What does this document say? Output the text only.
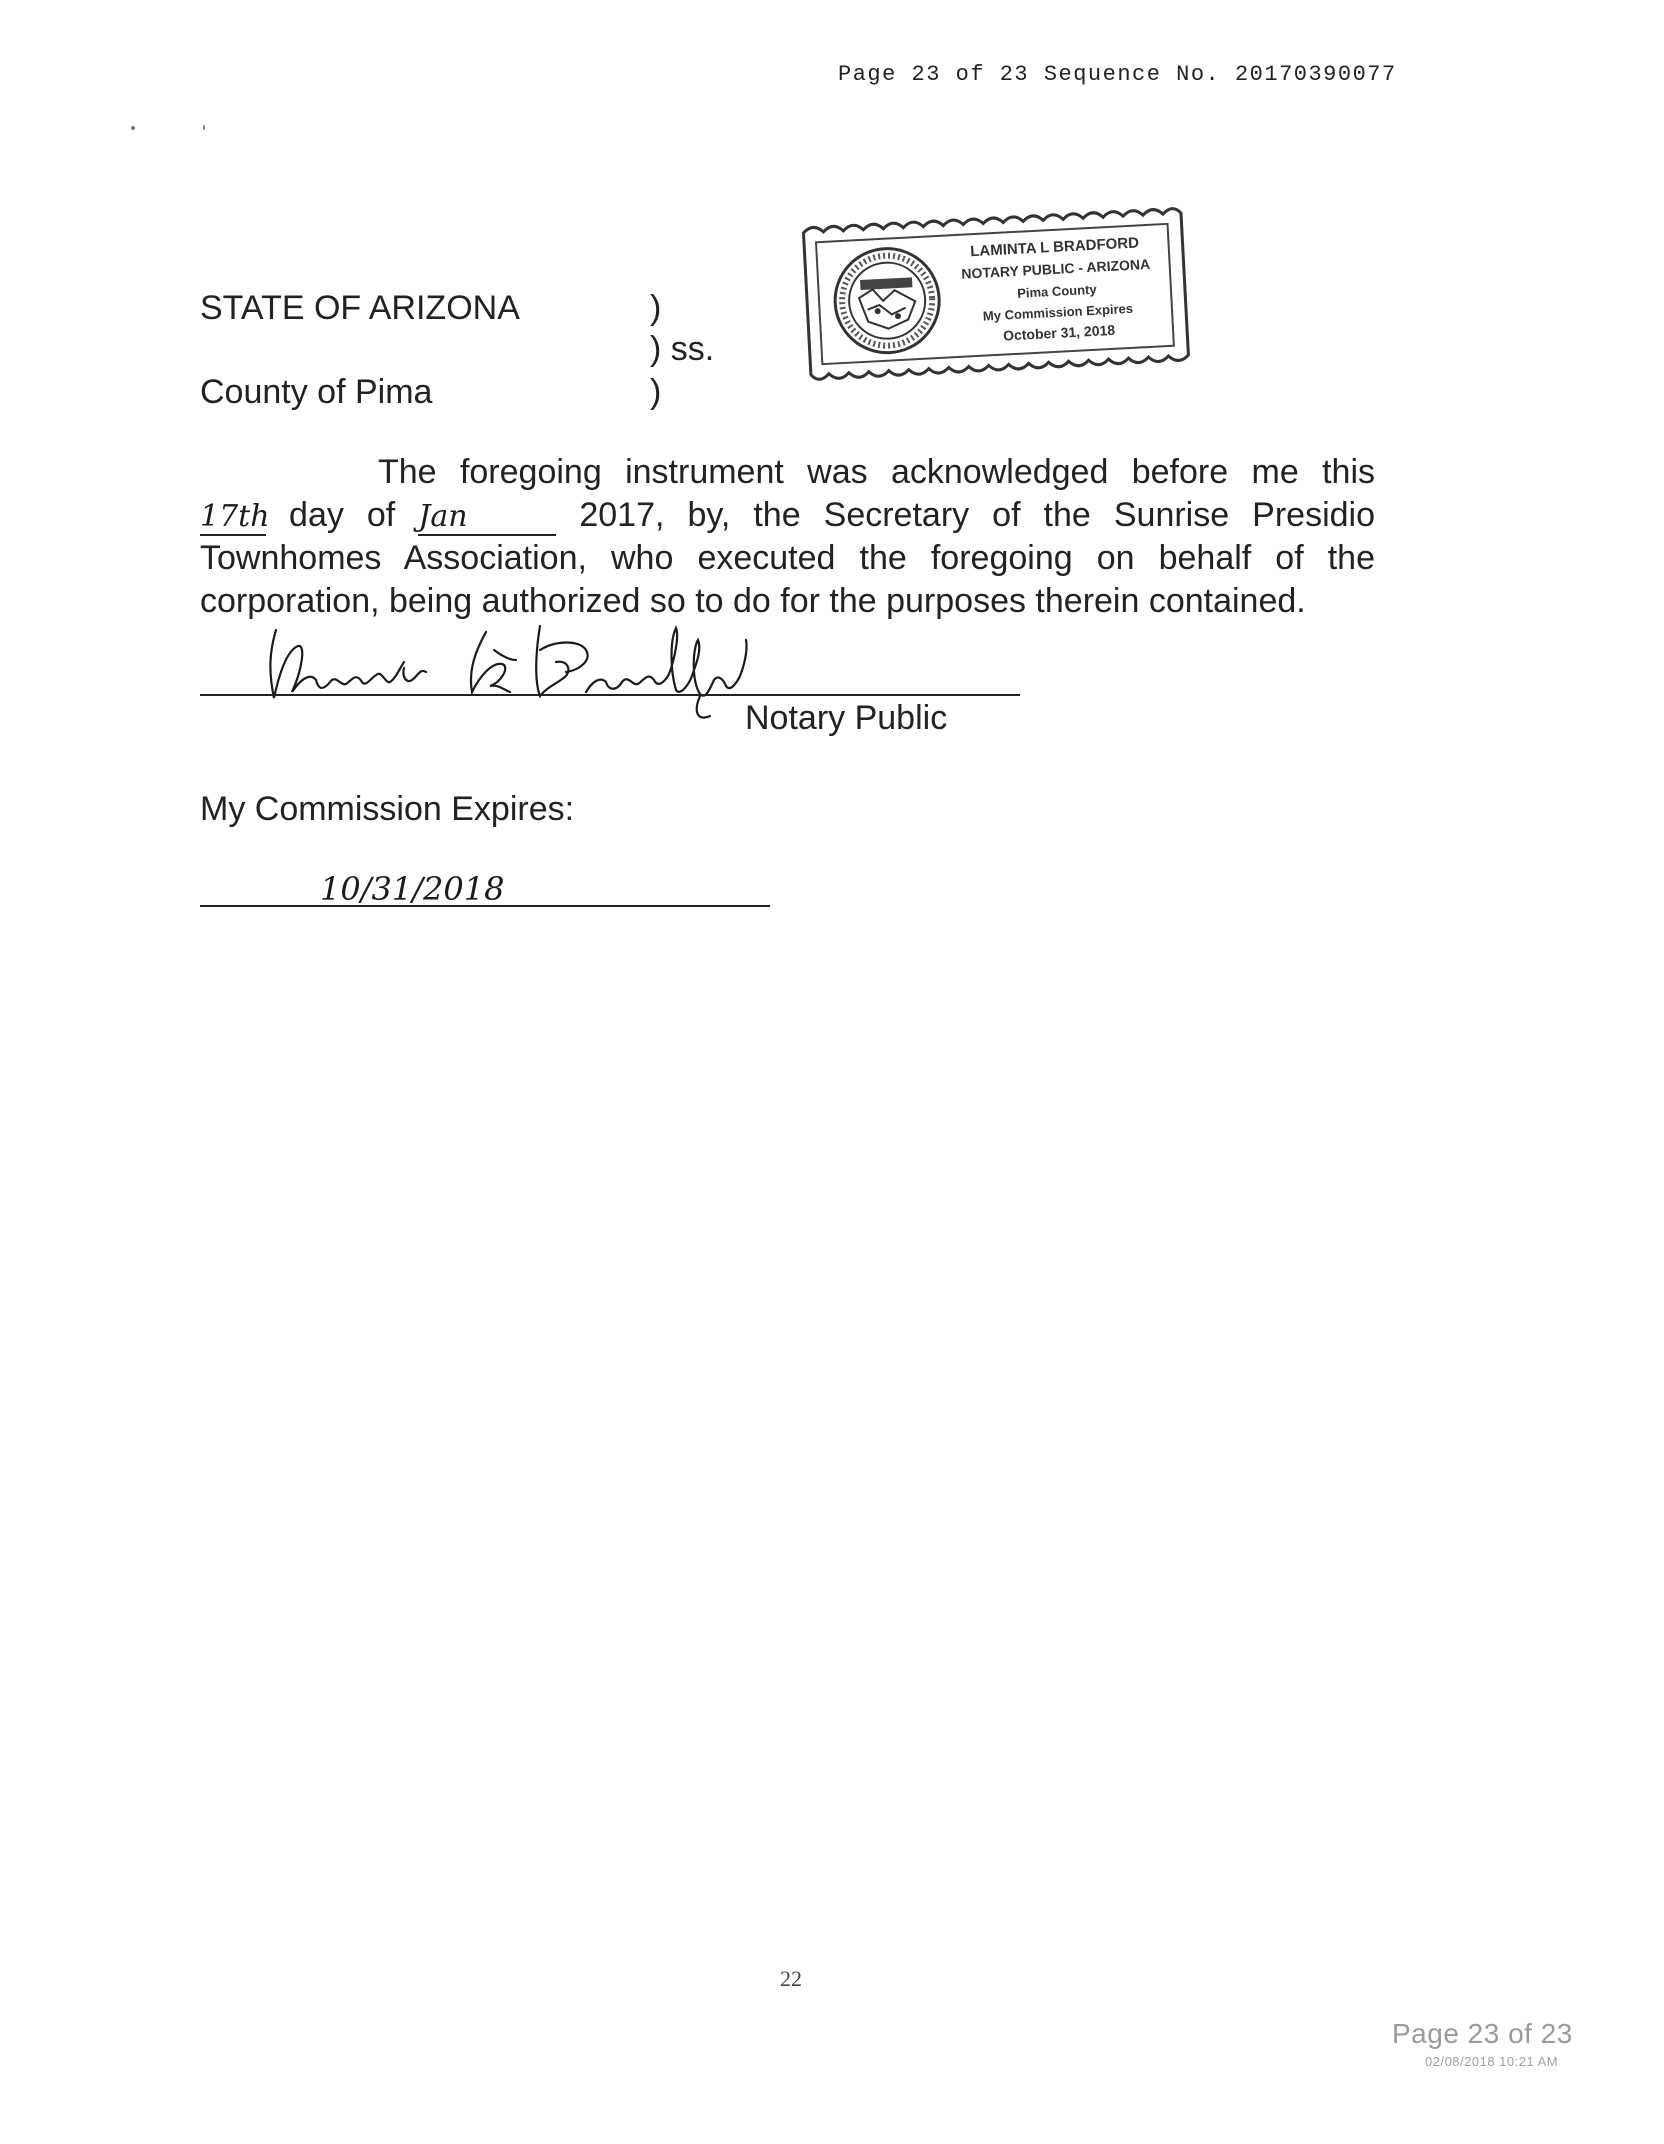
Page 23 of 23 Sequence No. 20170390077
STATE OF ARIZONA
County of Pima
)
) ss.
)
LAMINTA L BRADFORD
NOTARY PUBLIC - ARIZONA
Pima County
My Commission Expires
October 31, 2018
The foregoing instrument was acknowledged before me this
17th day of Jan	2017, by, the Secretary of the Sunrise Presidio
Townhomes Association, who executed the foregoing on behalf of the
corporation, being authorized so to do for the purposes therein contained.
Notary Public
My Commission Expires:
10/31/2018
22
Page 23 of 23
02/08/2018 10:21 AM
